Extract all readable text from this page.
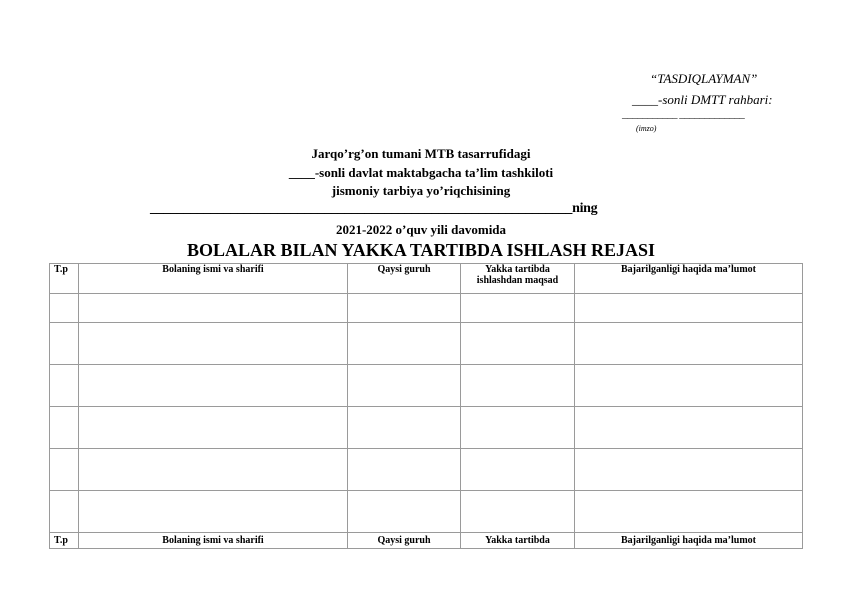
“TASDIQLAYMAN”
____-sonli DMTT rahbari:
___________ _____________
(imzo)
Jarqo’rg’on tumani MTB tasarrufidagi
____-sonli davlat maktabgacha ta’lim tashkiloti
jismoniy tarbiya yo’riqchisining
_______________________________________________________________ning
2021-2022 o’quv yili davomida
BOLALAR BILAN YAKKA TARTIBDA ISHLASH REJASI
T.p	Bolaning ismi va sharifi	Qaysi guruh	Yakka tartibda ishlashdan maqsad	Bajarilganligi haqida ma’lumot

T.p	Bolaning ismi va sharifi	Qaysi guruh	Yakka tartibda	Bajarilganligi haqida ma’lumot
